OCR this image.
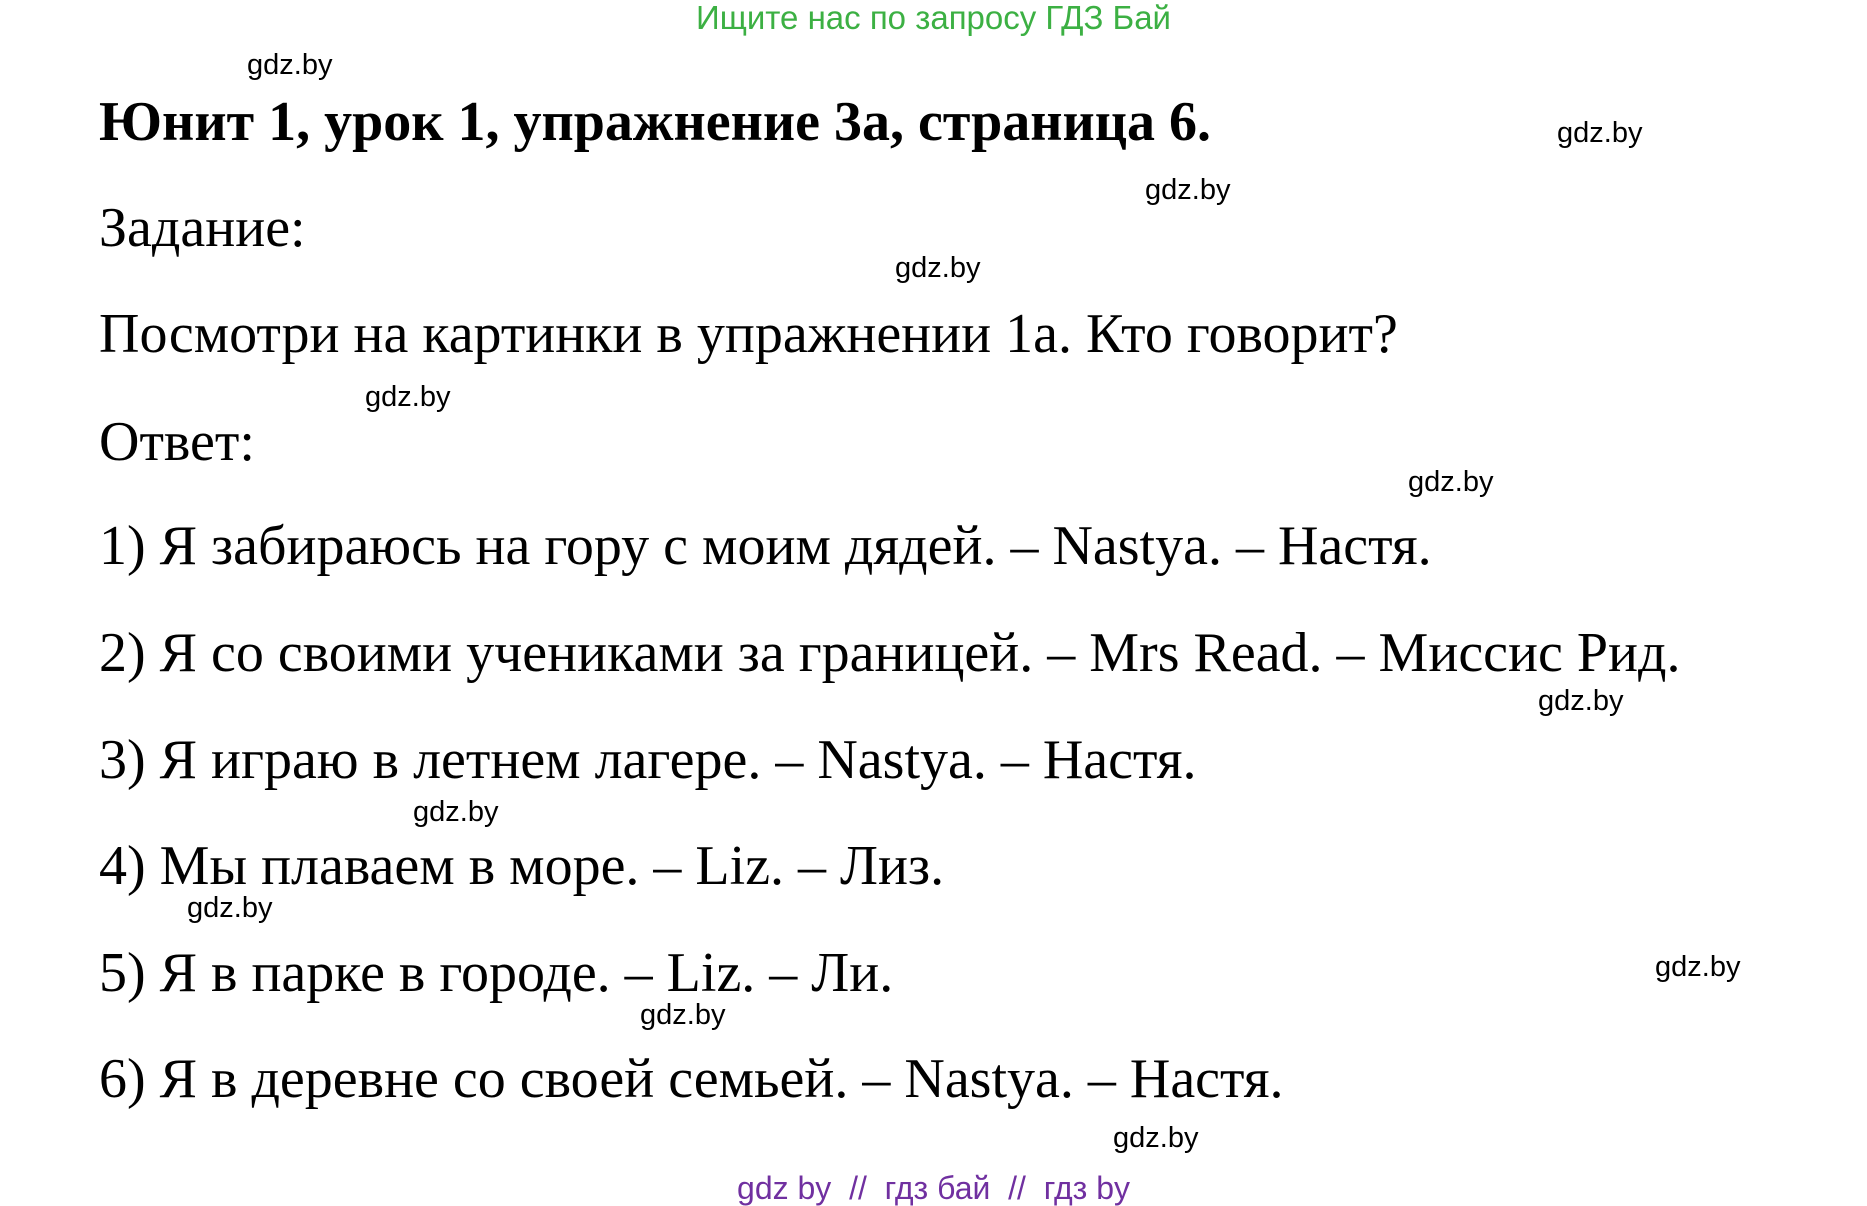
Ищите нас по запросу ГДЗ Бай
Юнит 1, урок 1, упражнение 3а, страница 6.
Задание:
Посмотри на картинки в упражнении 1а. Кто говорит?
Ответ:
1) Я забираюсь на гору с моим дядей. – Nastya. – Настя.
2) Я со своими учениками за границей. – Mrs Read. – Миссис Рид.
3) Я играю в летнем лагере. – Nastya. – Настя.
4) Мы плаваем в море. – Liz. – Лиз.
5) Я в парке в городе. – Liz. – Ли.
6) Я в деревне со своей семьей. – Nastya. – Настя.
gdz.by
gdz.by
gdz.by
gdz.by
gdz.by
gdz.by
gdz.by
gdz.by
gdz.by
gdz.by
gdz.by
gdz.by
gdz by  //  гдз бай  //  гдз by
